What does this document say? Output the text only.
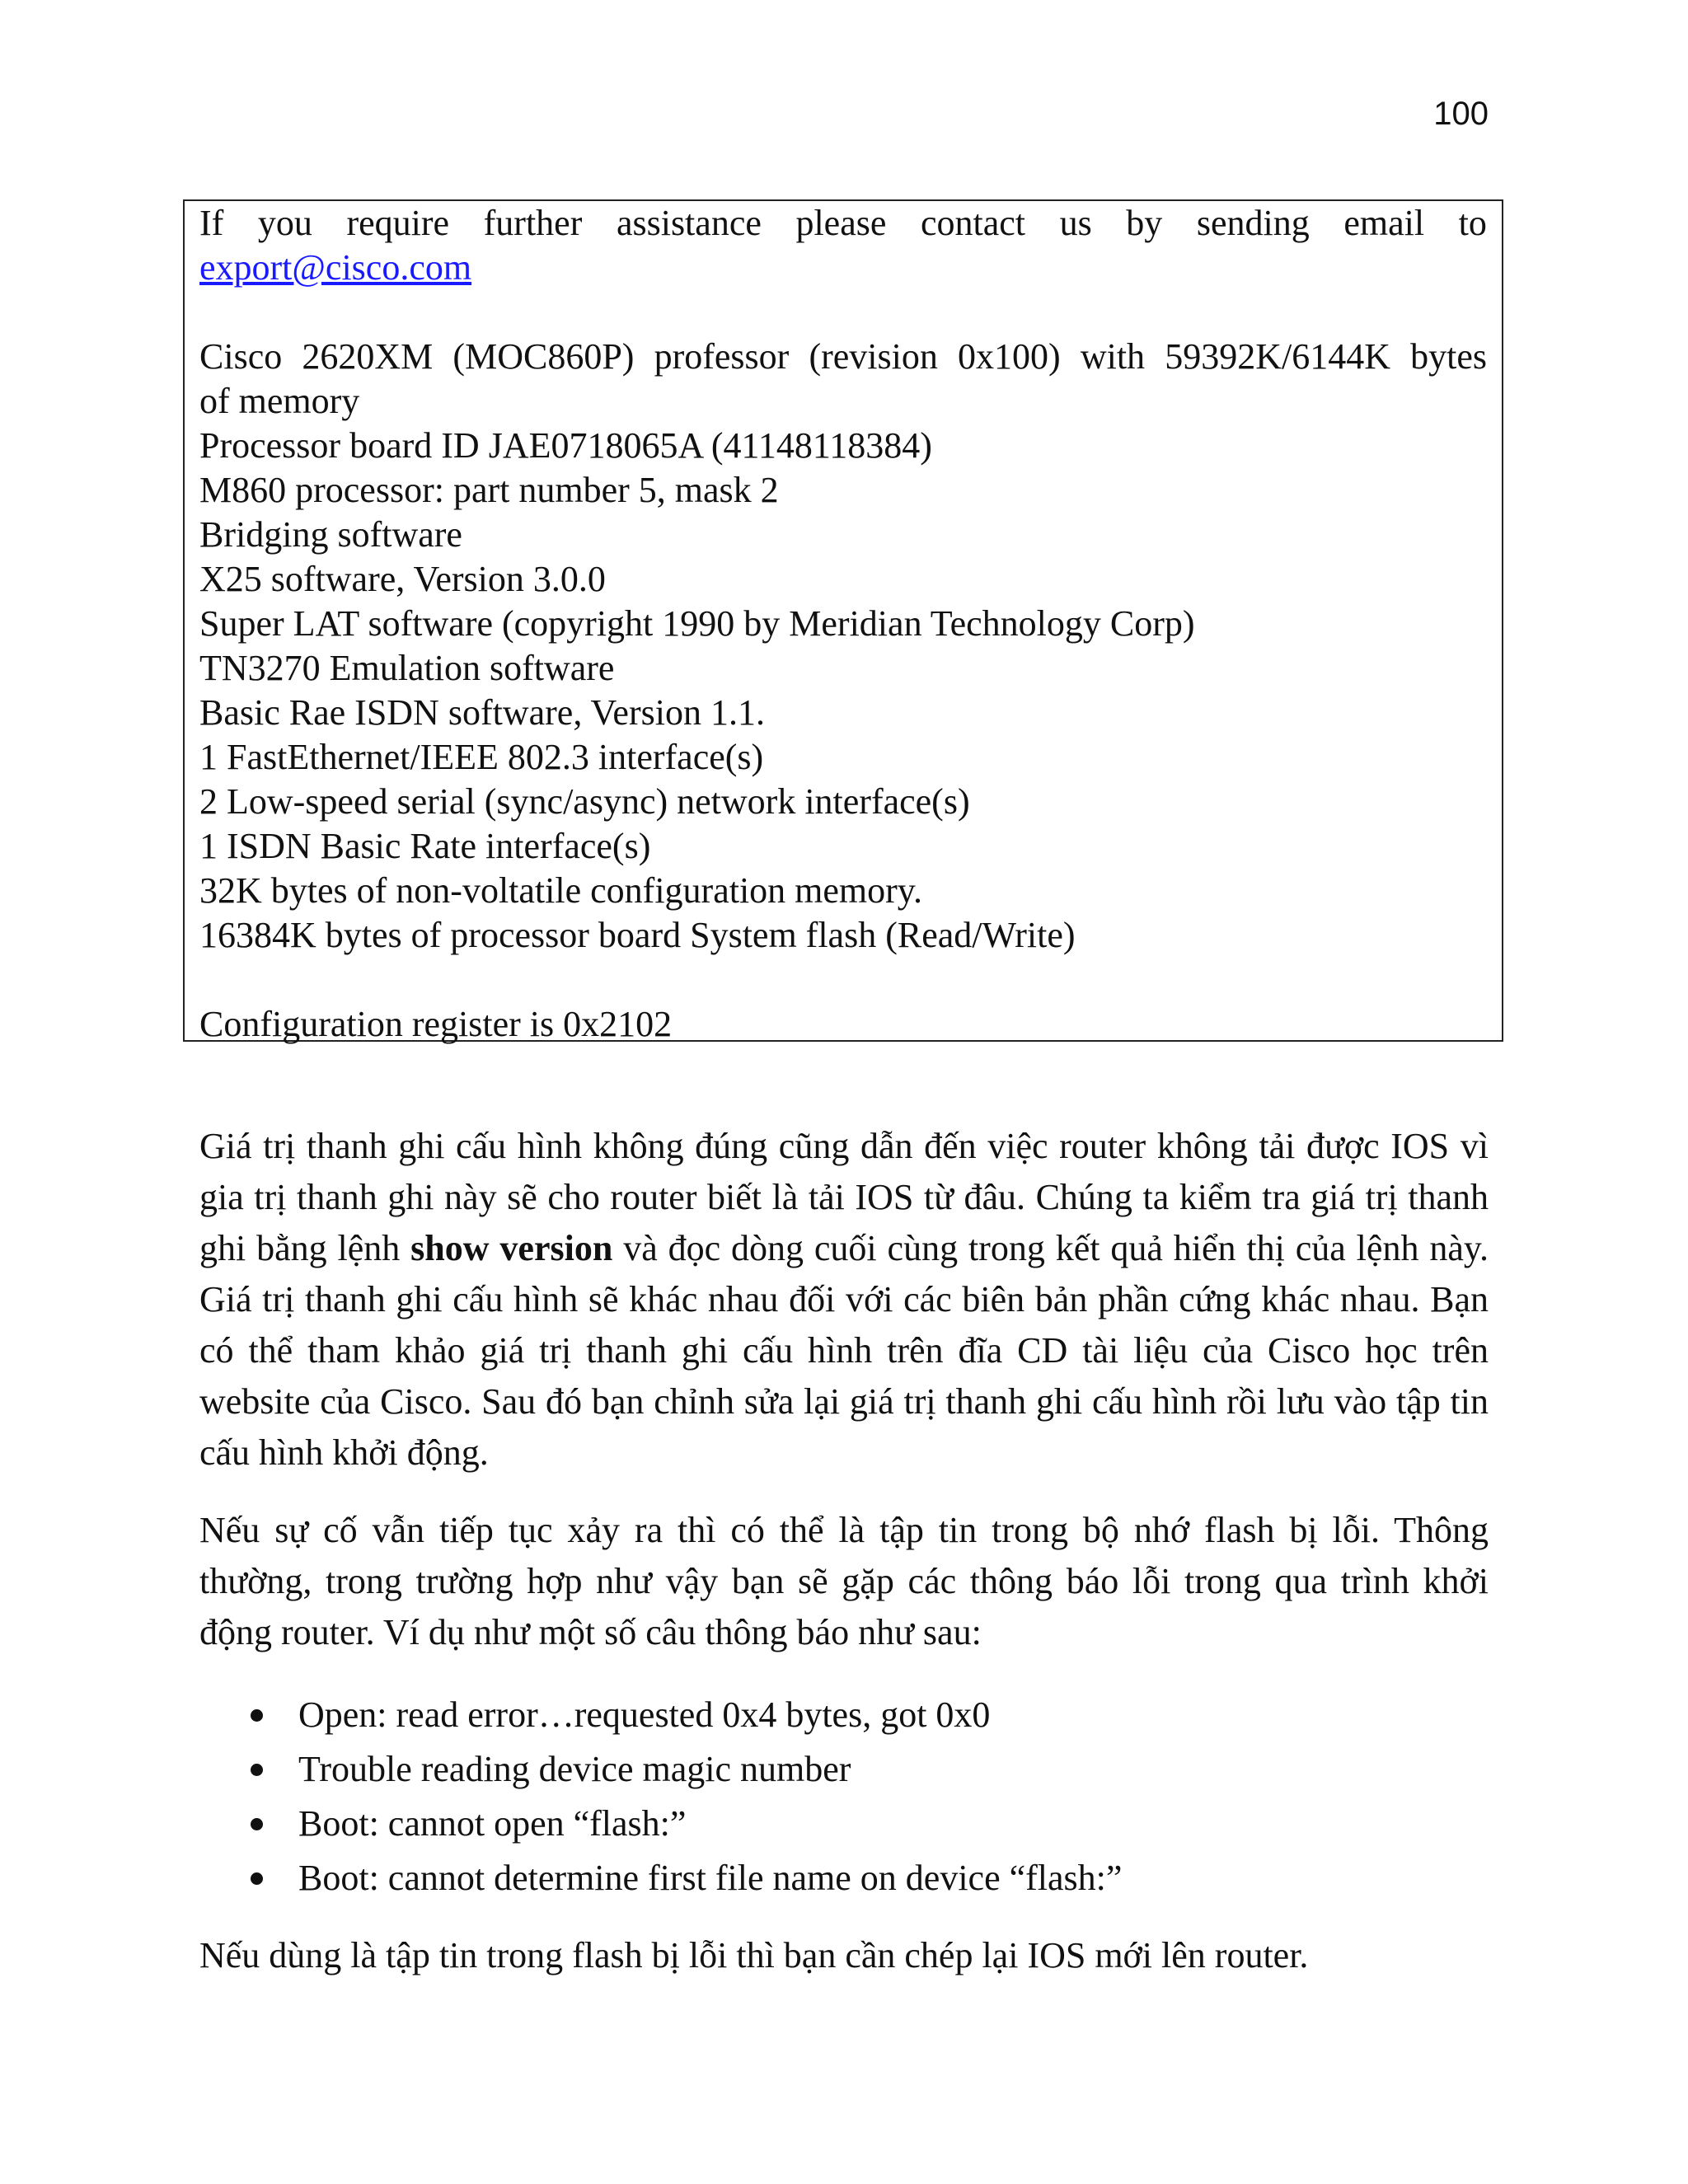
100
If you require further assistance please contact us by sending email to
export@cisco.com
Cisco 2620XM (MOC860P) professor (revision 0x100) with 59392K/6144K bytes
of memory
Processor board ID JAE0718065A (41148118384)
M860 processor: part number 5, mask 2
Bridging software
X25 software, Version 3.0.0
Super LAT software (copyright 1990 by Meridian Technology Corp)
TN3270 Emulation software
Basic Rae ISDN software, Version 1.1.
1 FastEthernet/IEEE 802.3 interface(s)
2 Low-speed serial (sync/async) network interface(s)
1 ISDN Basic Rate interface(s)
32K bytes of non-voltatile configuration memory.
16384K bytes of processor board System flash (Read/Write)
Configuration register is 0x2102
Giá trị thanh ghi cấu hình không đúng cũng dẫn đến việc router không tải được IOS vì gia trị thanh ghi này sẽ cho router biết là tải IOS từ đâu. Chúng ta kiểm tra giá trị thanh ghi bằng lệnh show version và đọc dòng cuối cùng trong kết quả hiển thị của lệnh này. Giá trị thanh ghi cấu hình sẽ khác nhau đối với các biên bản phần cứng khác nhau. Bạn có thể tham khảo giá trị thanh ghi cấu hình trên đĩa CD tài liệu của Cisco học trên website của Cisco. Sau đó bạn chỉnh sửa lại giá trị thanh ghi cấu hình rồi lưu vào tập tin cấu hình khởi động.
Nếu sự cố vẫn tiếp tục xảy ra thì có thể là tập tin trong bộ nhớ flash bị lỗi. Thông thường, trong trường hợp như vậy bạn sẽ gặp các thông báo lỗi trong qua trình khởi động router. Ví dụ như một số câu thông báo như sau:
Open: read error…requested 0x4 bytes, got 0x0
Trouble reading device magic number
Boot: cannot open “flash:”
Boot: cannot determine first file name on device “flash:”
Nếu dùng là tập tin trong flash bị lỗi thì bạn cần chép lại IOS mới lên router.
